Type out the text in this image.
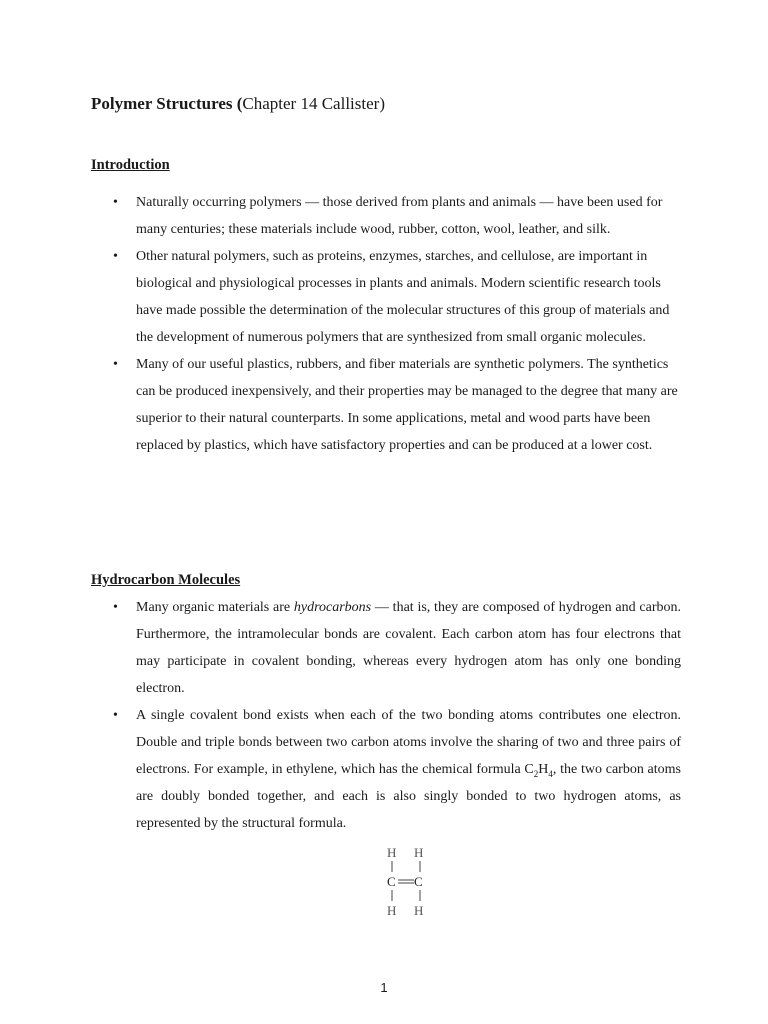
Polymer Structures (Chapter 14 Callister)
Introduction
• Naturally occurring polymers — those derived from plants and animals — have been used for many centuries; these materials include wood, rubber, cotton, wool, leather, and silk.
• Other natural polymers, such as proteins, enzymes, starches, and cellulose, are important in biological and physiological processes in plants and animals. Modern scientific research tools have made possible the determination of the molecular structures of this group of materials and the development of numerous polymers that are synthesized from small organic molecules.
• Many of our useful plastics, rubbers, and fiber materials are synthetic polymers. The synthetics can be produced inexpensively, and their properties may be managed to the degree that many are superior to their natural counterparts. In some applications, metal and wood parts have been replaced by plastics, which have satisfactory properties and can be produced at a lower cost.
Hydrocarbon Molecules
• Many organic materials are hydrocarbons — that is, they are composed of hydrogen and carbon. Furthermore, the intramolecular bonds are covalent. Each carbon atom has four electrons that may participate in covalent bonding, whereas every hydrogen atom has only one bonding electron.
• A single covalent bond exists when each of the two bonding atoms contributes one electron. Double and triple bonds between two carbon atoms involve the sharing of two and three pairs of electrons. For example, in ethylene, which has the chemical formula $C_2H_4$, the two carbon atoms are doubly bonded together, and each is also singly bonded to two hydrogen atoms, as represented by the structural formula.
H H
C C
H H
1
